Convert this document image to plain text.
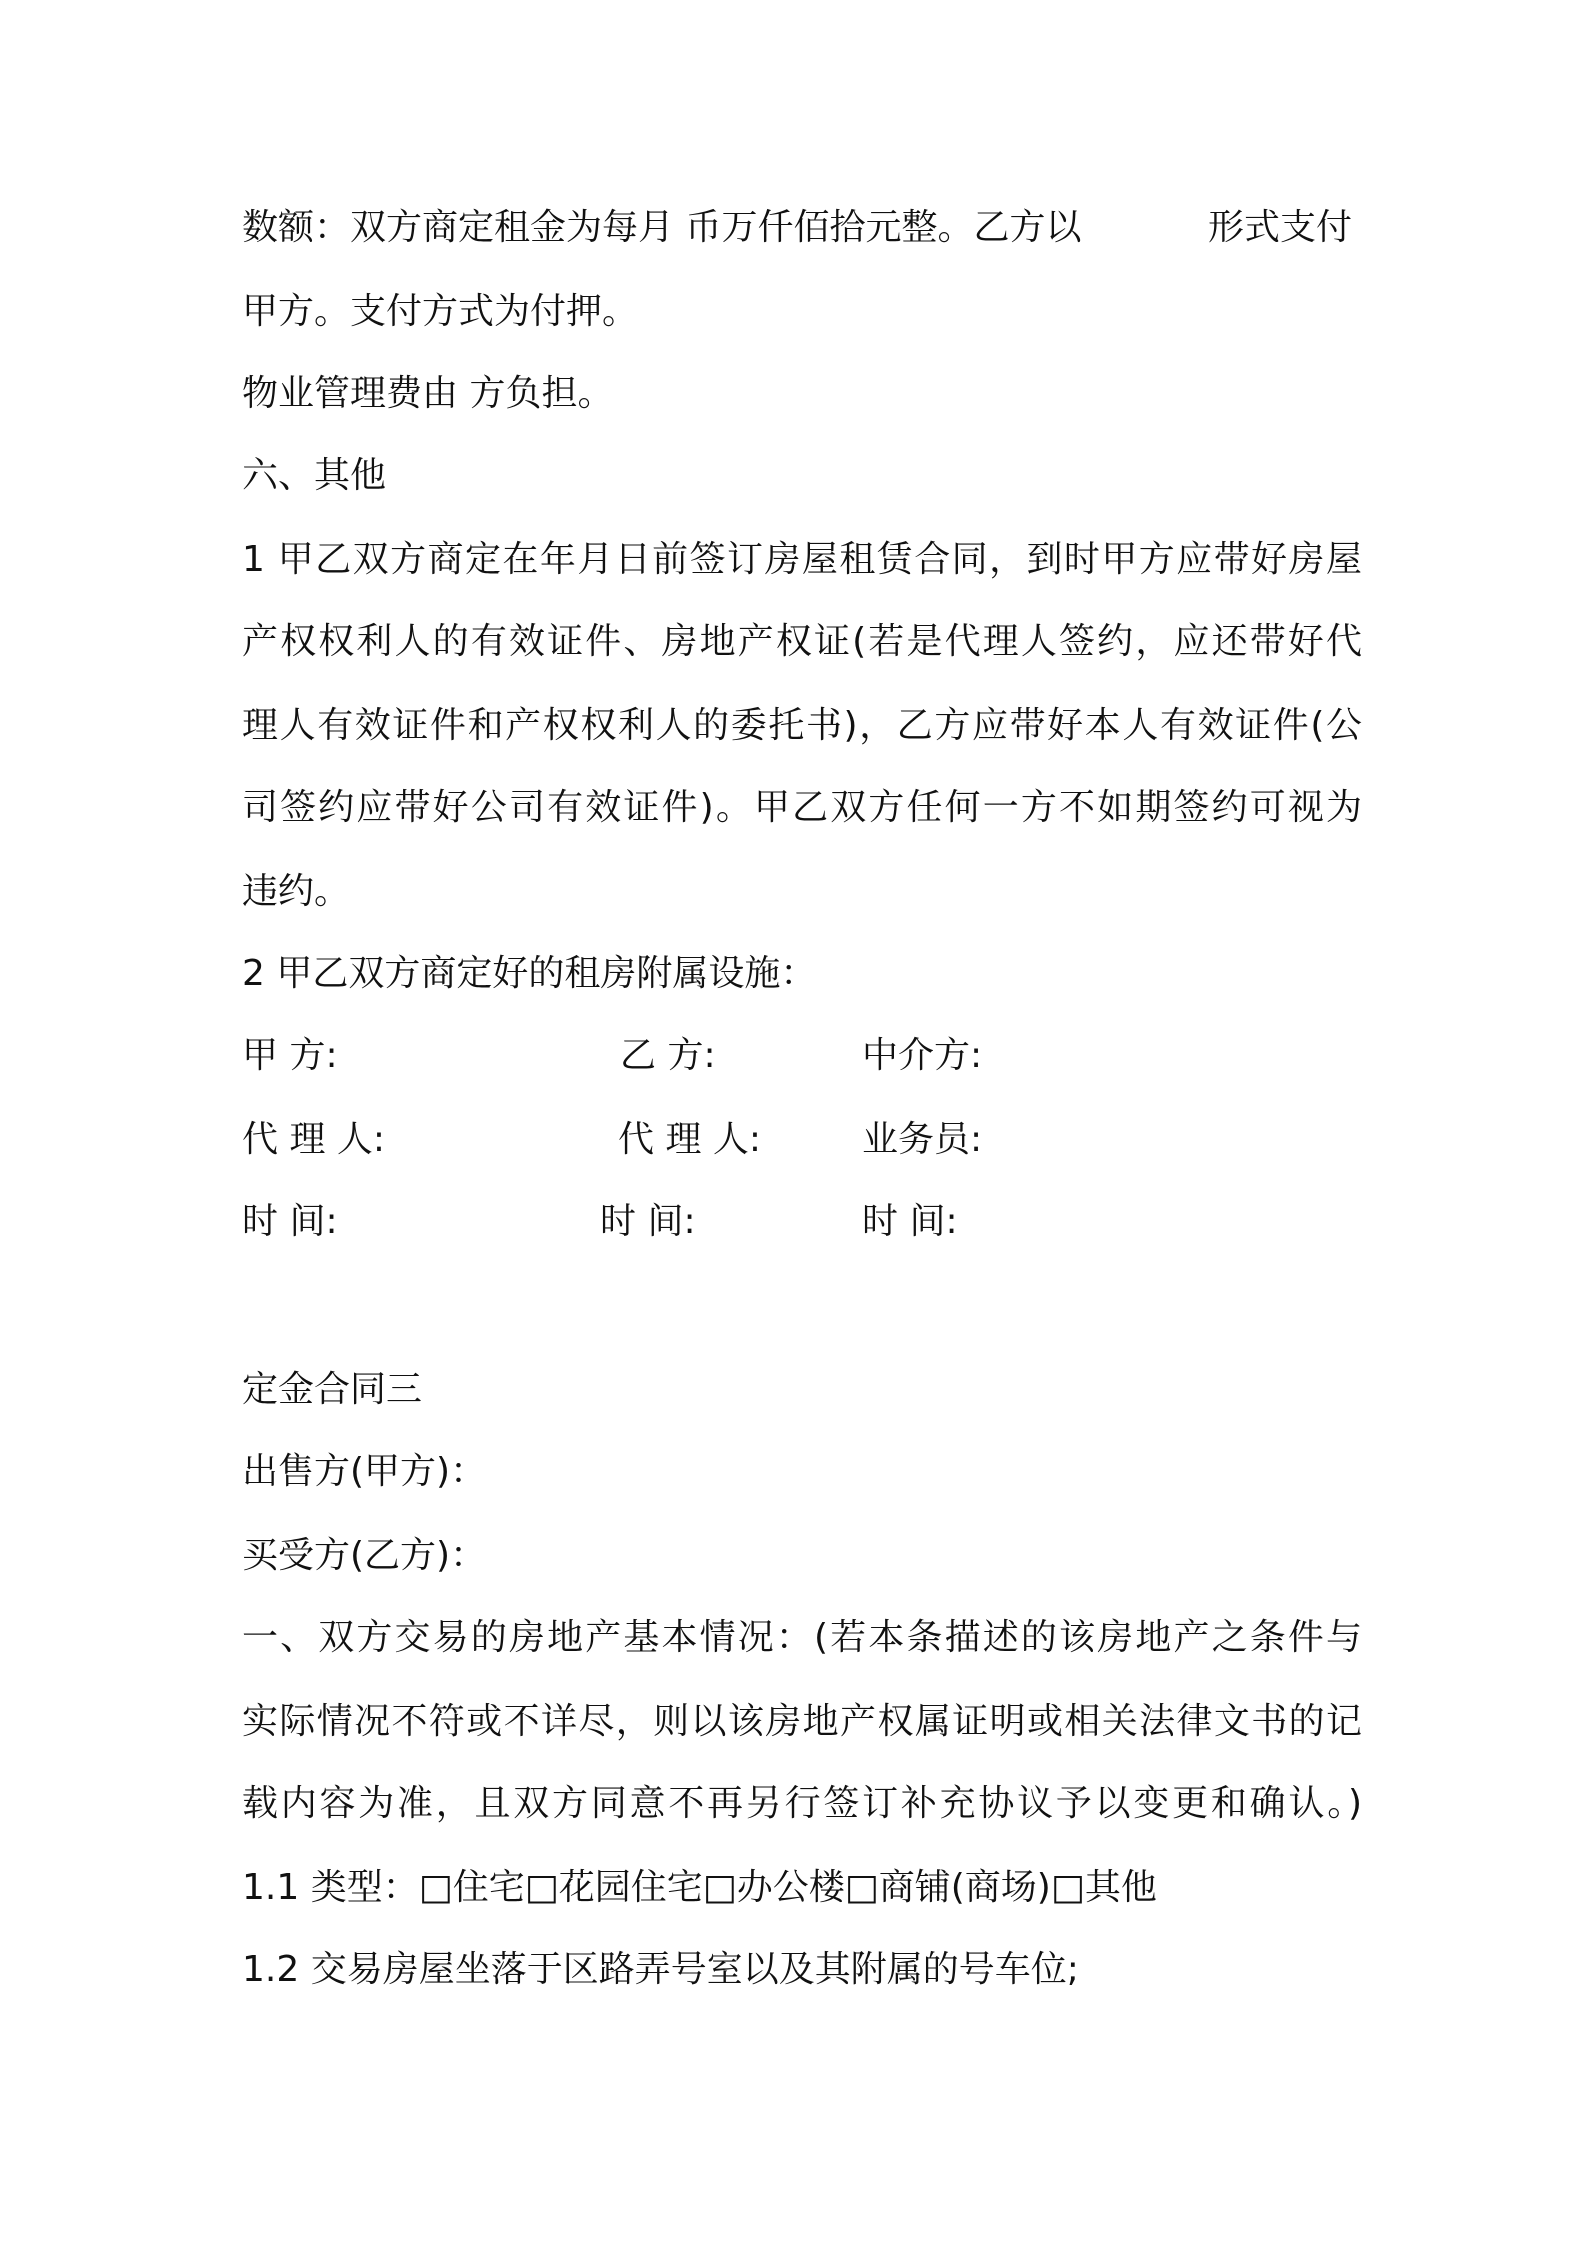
数额：双方商定租金为每月 币万仟佰拾元整。乙方以	形式支付
甲方。支付方式为付押。
物业管理费由 方负担。
六、其他
1 甲乙双方商定在年月日前签订房屋租赁合同，到时甲方应带好房屋
产权权利人的有效证件、房地产权证(若是代理人签约，应还带好代
理人有效证件和产权权利人的委托书)，乙方应带好本人有效证件(公
司签约应带好公司有效证件)。甲乙双方任何一方不如期签约可视为
违约。
2 甲乙双方商定好的租房附属设施：
甲 方:	乙 方:	中介方:
代 理 人:	代 理 人:	业务员:
时 间:	时 间:	时 间:
定金合同三
出售方(甲方)：
买受方(乙方)：
一、双方交易的房地产基本情况：(若本条描述的该房地产之条件与
实际情况不符或不详尽，则以该房地产权属证明或相关法律文书的记
载内容为准，且双方同意不再另行签订补充协议予以变更和确认。)
1.1 类型：□住宅□花园住宅□办公楼□商铺(商场)□其他
1.2 交易房屋坐落于区路弄号室以及其附属的号车位;
